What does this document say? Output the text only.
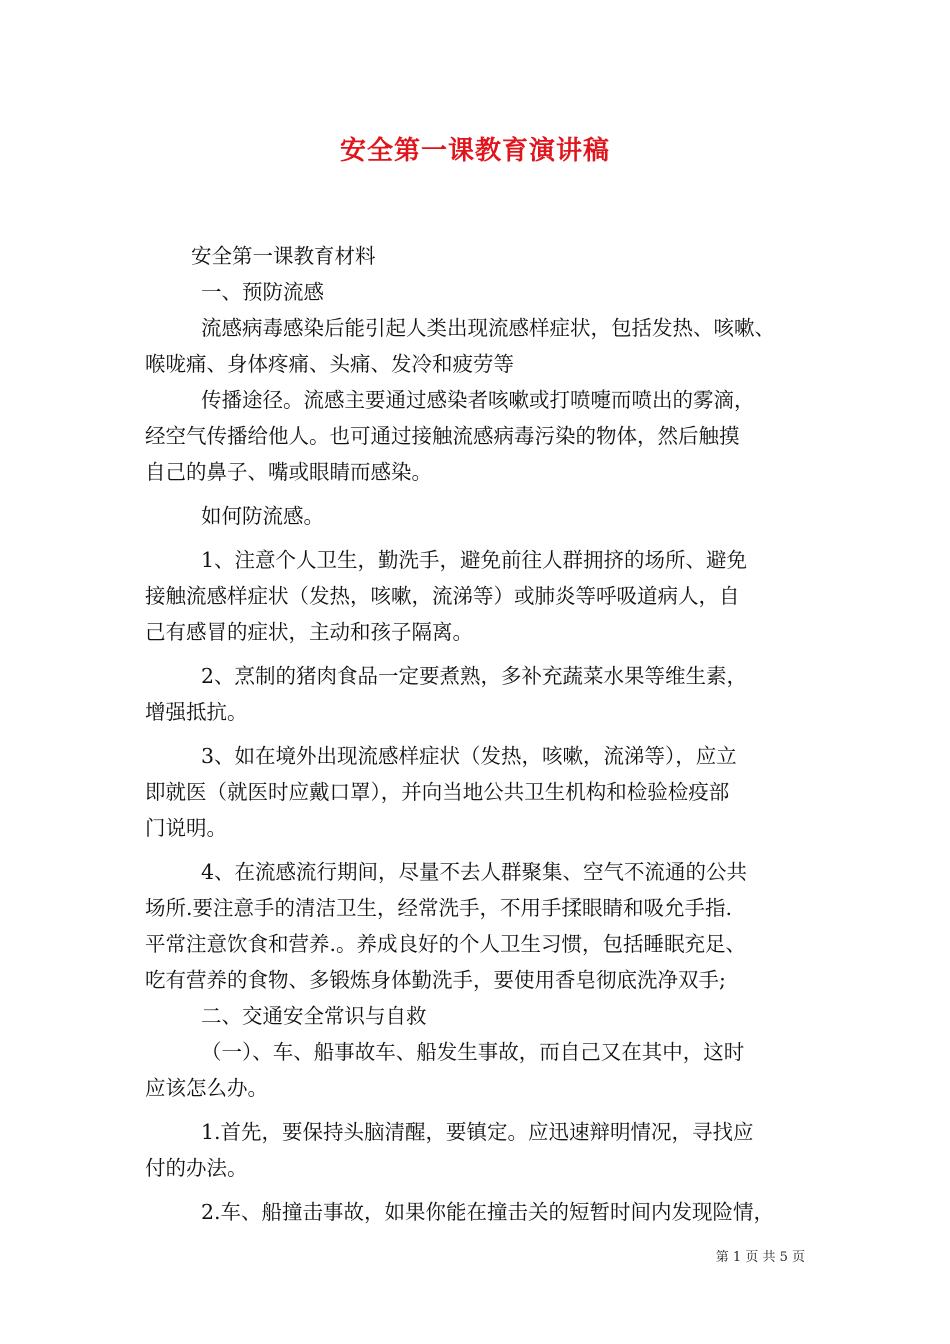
安全第一课教育演讲稿
安全第一课教育材料
一、预防流感
流感病毒感染后能引起人类出现流感样症状，包括发热、咳嗽、
喉咙痛、身体疼痛、头痛、发冷和疲劳等
传播途径。流感主要通过感染者咳嗽或打喷嚏而喷出的雾滴，
经空气传播给他人。也可通过接触流感病毒污染的物体，然后触摸
自己的鼻子、嘴或眼睛而感染。
如何防流感。
1、注意个人卫生，勤洗手，避免前往人群拥挤的场所、避免
接触流感样症状（发热，咳嗽，流涕等）或肺炎等呼吸道病人，自
己有感冒的症状，主动和孩子隔离。
2、烹制的猪肉食品一定要煮熟，多补充蔬菜水果等维生素，
增强抵抗。
3、如在境外出现流感样症状（发热，咳嗽，流涕等），应立
即就医（就医时应戴口罩），并向当地公共卫生机构和检验检疫部
门说明。
4、在流感流行期间，尽量不去人群聚集、空气不流通的公共
场所.要注意手的清洁卫生，经常洗手，不用手揉眼睛和吸允手指.
平常注意饮食和营养.。养成良好的个人卫生习惯，包括睡眠充足、
吃有营养的食物、多锻炼身体勤洗手，要使用香皂彻底洗净双手;
二、交通安全常识与自救
（一）、车、船事故车、船发生事故，而自己又在其中，这时
应该怎么办。
1.首先，要保持头脑清醒，要镇定。应迅速辩明情况，寻找应
付的办法。
2.车、船撞击事故，如果你能在撞击关的短暂时间内发现险情，
第 1 页 共 5 页
